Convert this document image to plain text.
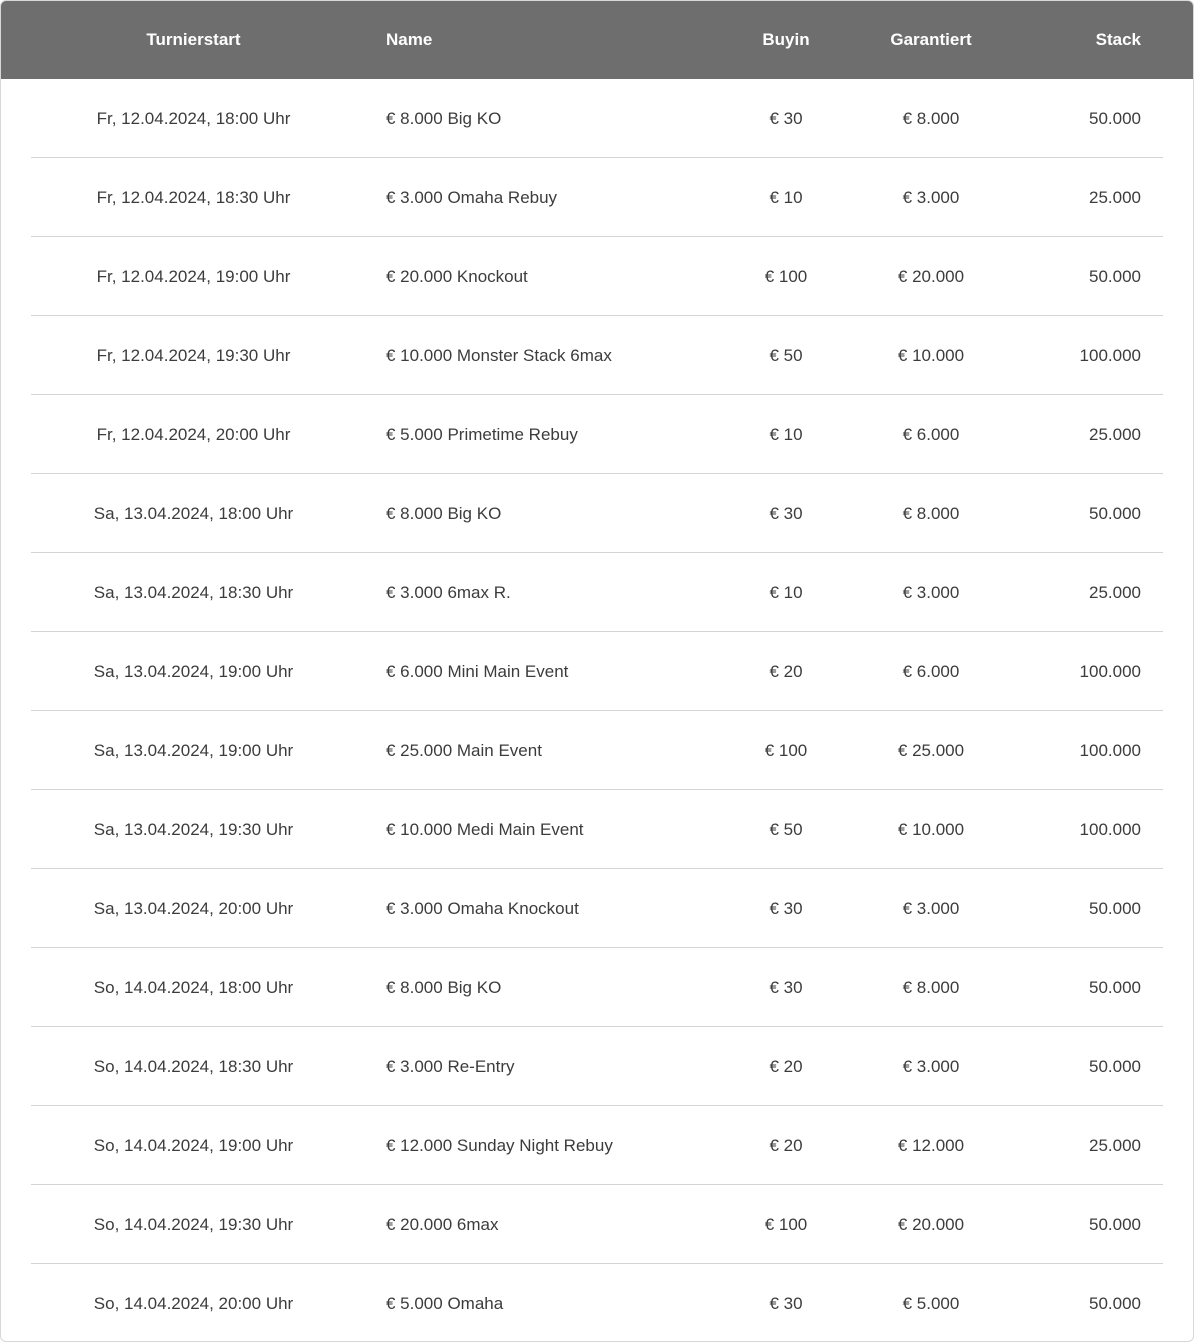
Turnierstart	Name	Buyin	Garantiert	Stack
Fr, 12.04.2024, 18:00 Uhr	€ 8.000 Big KO	€ 30	€ 8.000	50.000
Fr, 12.04.2024, 18:30 Uhr	€ 3.000 Omaha Rebuy	€ 10	€ 3.000	25.000
Fr, 12.04.2024, 19:00 Uhr	€ 20.000 Knockout	€ 100	€ 20.000	50.000
Fr, 12.04.2024, 19:30 Uhr	€ 10.000 Monster Stack 6max	€ 50	€ 10.000	100.000
Fr, 12.04.2024, 20:00 Uhr	€ 5.000 Primetime Rebuy	€ 10	€ 6.000	25.000
Sa, 13.04.2024, 18:00 Uhr	€ 8.000 Big KO	€ 30	€ 8.000	50.000
Sa, 13.04.2024, 18:30 Uhr	€ 3.000 6max R.	€ 10	€ 3.000	25.000
Sa, 13.04.2024, 19:00 Uhr	€ 6.000 Mini Main Event	€ 20	€ 6.000	100.000
Sa, 13.04.2024, 19:00 Uhr	€ 25.000 Main Event	€ 100	€ 25.000	100.000
Sa, 13.04.2024, 19:30 Uhr	€ 10.000 Medi Main Event	€ 50	€ 10.000	100.000
Sa, 13.04.2024, 20:00 Uhr	€ 3.000 Omaha Knockout	€ 30	€ 3.000	50.000
So, 14.04.2024, 18:00 Uhr	€ 8.000 Big KO	€ 30	€ 8.000	50.000
So, 14.04.2024, 18:30 Uhr	€ 3.000 Re-Entry	€ 20	€ 3.000	50.000
So, 14.04.2024, 19:00 Uhr	€ 12.000 Sunday Night Rebuy	€ 20	€ 12.000	25.000
So, 14.04.2024, 19:30 Uhr	€ 20.000 6max	€ 100	€ 20.000	50.000
So, 14.04.2024, 20:00 Uhr	€ 5.000 Omaha	€ 30	€ 5.000	50.000
